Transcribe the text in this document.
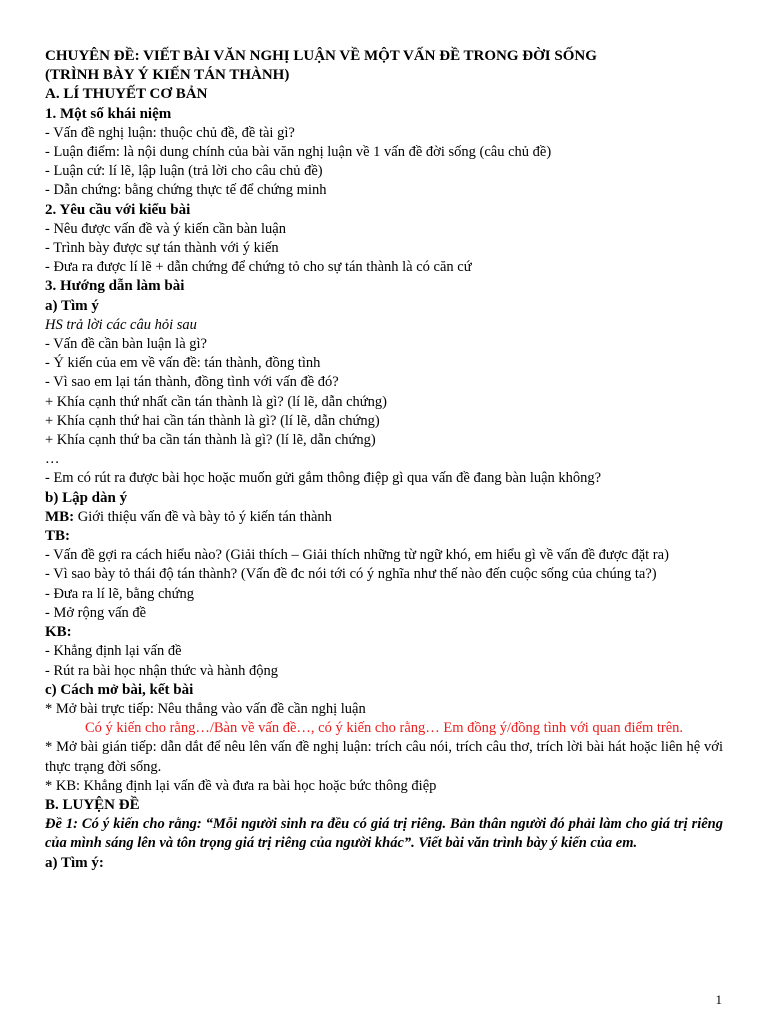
CHUYÊN ĐỀ: VIẾT BÀI VĂN NGHỊ LUẬN VỀ MỘT VẤN ĐỀ TRONG ĐỜI SỐNG
(TRÌNH BÀY Ý KIẾN TÁN THÀNH)
A. LÍ THUYẾT CƠ BẢN
1. Một số khái niệm
- Vấn đề nghị luận: thuộc chủ đề, đề tài gì?
- Luận điểm: là nội dung chính của bài văn nghị luận về 1 vấn đề đời sống (câu chủ đề)
- Luận cứ: lí lẽ, lập luận (trả lời cho câu chủ đề)
- Dẫn chứng: bằng chứng thực tế để chứng minh
2. Yêu cầu với kiểu bài
- Nêu được vấn đề và ý kiến cần bàn luận
- Trình bày được sự tán thành với ý kiến
- Đưa ra được lí lẽ + dẫn chứng để chứng tỏ cho sự tán thành là có căn cứ
3. Hướng dẫn làm bài
a) Tìm ý
HS trả lời các câu hỏi sau
- Vấn đề cần bàn luận là gì?
- Ý kiến của em về vấn đề: tán thành, đồng tình
- Vì sao em lại tán thành, đồng tình với vấn đề đó?
+ Khía cạnh thứ nhất cần tán thành là gì? (lí lẽ, dẫn chứng)
+ Khía cạnh thứ hai cần tán thành là gì? (lí lẽ, dẫn chứng)
+ Khía cạnh thứ ba cần tán thành là gì? (lí lẽ, dẫn chứng)
…
- Em có rút ra được bài học hoặc muốn gửi gắm thông điệp gì qua vấn đề đang bàn luận không?
b) Lập dàn ý
MB: Giới thiệu vấn đề và bày tỏ ý kiến tán thành
TB:
- Vấn đề gợi ra cách hiểu nào? (Giải thích – Giải thích những từ ngữ khó, em hiểu gì về vấn đề được đặt ra)
- Vì sao bày tỏ thái độ tán thành? (Vấn đề đc nói tới có ý nghĩa như thế nào đến cuộc sống của chúng ta?)
- Đưa ra lí lẽ, bằng chứng
- Mở rộng vấn đề
KB:
- Khẳng định lại vấn đề
- Rút ra bài học nhận thức và hành động
c) Cách mở bài, kết bài
* Mở bài trực tiếp: Nêu thẳng vào vấn đề cần nghị luận
Có ý kiến cho rằng…/Bàn về vấn đề…, có ý kiến cho rằng… Em đồng ý/đồng tình với quan điểm trên.
* Mở bài gián tiếp: dẫn dắt để nêu lên vấn đề nghị luận: trích câu nói, trích câu thơ, trích lời bài hát hoặc liên hệ với thực trạng đời sống.
* KB: Khẳng định lại vấn đề và đưa ra bài học hoặc bức thông điệp
B. LUYỆN ĐỀ
Đề 1: Có ý kiến cho rằng: “Mỗi người sinh ra đều có giá trị riêng. Bản thân người đó phải làm cho giá trị riêng của mình sáng lên và tôn trọng giá trị riêng của người khác”. Viết bài văn trình bày ý kiến của em.
a) Tìm ý:
1
